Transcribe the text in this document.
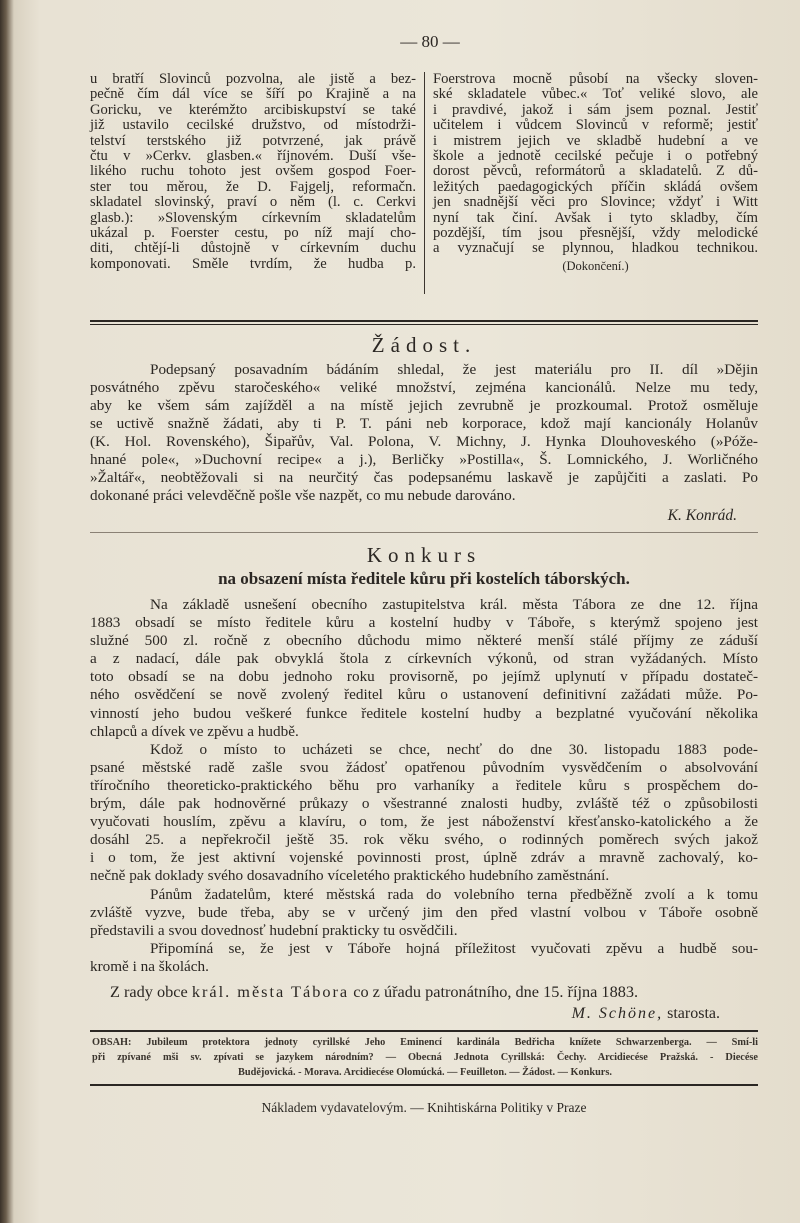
— 80 —
u bratří Slovinců pozvolna, ale jistě a bez-
pečně čím dál více se šíří po Krajině a na
Goricku, ve kterémžto arcibiskupství se také
již ustavilo cecilské družstvo, od místodrži-
telství terstského již potvrzené, jak právě
čtu v »Cerkv. glasben.« říjnovém. Duší vše-
likého ruchu tohoto jest ovšem gospod Foer-
ster tou měrou, že D. Fajgelj, reformačn.
skladatel slovinský, praví o něm (l. c. Cerkvi
glasb.): »Slovenským církevním skladatelům
ukázal p. Foerster cestu, po níž mají cho-
diti, chtějí-li důstojně v církevním duchu
komponovati. Směle tvrdím, že hudba p.
Foerstrova mocně působí na všecky sloven-
ské skladatele vůbec.« Toť veliké slovo, ale
i pravdivé, jakož i sám jsem poznal. Jestiť
učitelem i vůdcem Slovinců v reformě; jestiť
i mistrem jejich ve skladbě hudební a ve
škole a jednotě cecilské pečuje i o potřebný
dorost pěvců, reformátorů a skladatelů. Z dů-
ležitých paedagogických příčin skládá ovšem
jen snadnější věci pro Slovince; vždyť i Witt
nyní tak činí. Avšak i tyto skladby, čím
pozdější, tím jsou přesnější, vždy melodické
a vyznačují se plynnou, hladkou technikou.
(Dokončení.)
Žádost.
Podepsaný posavadním bádáním shledal, že jest materiálu pro II. díl »Dějin
posvátného zpěvu staročeského« veliké množství, zejména kancionálů. Nelze mu tedy,
aby ke všem sám zajížděl a na místě jejich zevrubně je prozkoumal. Protož osměluje
se uctivě snažně žádati, aby ti P. T. páni neb korporace, kdož mají kancionály Holanův
(K. Hol. Rovenského), Šipařův, Val. Polona, V. Michny, J. Hynka Dlouhoveského (»Póže-
hnané pole«, »Duchovní recipe« a j.), Berličky »Postilla«, Š. Lomnického, J. Worličného
»Žaltář«, neobtěžovali si na neurčitý čas podepsanému laskavě je zapůjčiti a zaslati. Po
dokonané práci velevděčně pošle vše nazpět, co mu nebude darováno.
K. Konrád.
Konkurs
na obsazení místa ředitele kůru při kostelích táborských.
Na základě usnešení obecního zastupitelstva král. města Tábora ze dne 12. října
1883 obsadí se místo ředitele kůru a kostelní hudby v Táboře, s kterýmž spojeno jest
služné 500 zl. ročně z obecního důchodu mimo některé menší stálé příjmy ze záduší
a z nadací, dále pak obvyklá štola z církevních výkonů, od stran vyžádaných. Místo
toto obsadí se na dobu jednoho roku provisorně, po jejímž uplynutí v případu dostateč-
ného osvědčení se nově zvolený ředitel kůru o ustanovení definitivní zažádati může. Po-
vinností jeho budou veškeré funkce ředitele kostelní hudby a bezplatné vyučování několika
chlapců a dívek ve zpěvu a hudbě.
Kdož o místo to ucházeti se chce, nechť do dne 30. listopadu 1883 pode-
psané městské radě zašle svou žádosť opatřenou původním vysvědčením o absolvování
tříročního theoreticko-praktického běhu pro varhaníky a ředitele kůru s prospěchem do-
brým, dále pak hodnověrné průkazy o všestranné znalosti hudby, zvláště též o způsobilosti
vyučovati houslím, zpěvu a klavíru, o tom, že jest náboženství křesťansko-katolického a že
dosáhl 25. a nepřekročil ještě 35. rok věku svého, o rodinných poměrech svých jakož
i o tom, že jest aktivní vojenské povinnosti prost, úplně zdráv a mravně zachovalý, ko-
nečně pak doklady svého dosavadního víceletého praktického hudebního zaměstnání.
Pánům žadatelům, které městská rada do volebního terna předběžně zvolí a k tomu
zvláště vyzve, bude třeba, aby se v určený jim den před vlastní volbou v Táboře osobně
představili a svou dovednosť hudební prakticky tu osvědčili.
Připomíná se, že jest v Táboře hojná příležitost vyučovati zpěvu a hudbě sou-
kromě i na školách.
Z rady obce král. města Tábora co z úřadu patronátního, dne 15. října 1883.
M. Schöne, starosta.
OBSAH: Jubileum protektora jednoty cyrillské Jeho Eminencí kardinála Bedřicha knížete Schwarzenberga. — Smí-li
při zpívané mši sv. zpívati se jazykem národním? — Obecná Jednota Cyrillská: Čechy. Arcidiecése Pražská. - Diecése
Budějovická. - Morava. Arcidiecése Olomúcká. — Feuilleton. — Žádost. — Konkurs.
Nákladem vydavatelovým. — Knihtiskárna Politiky v Praze
